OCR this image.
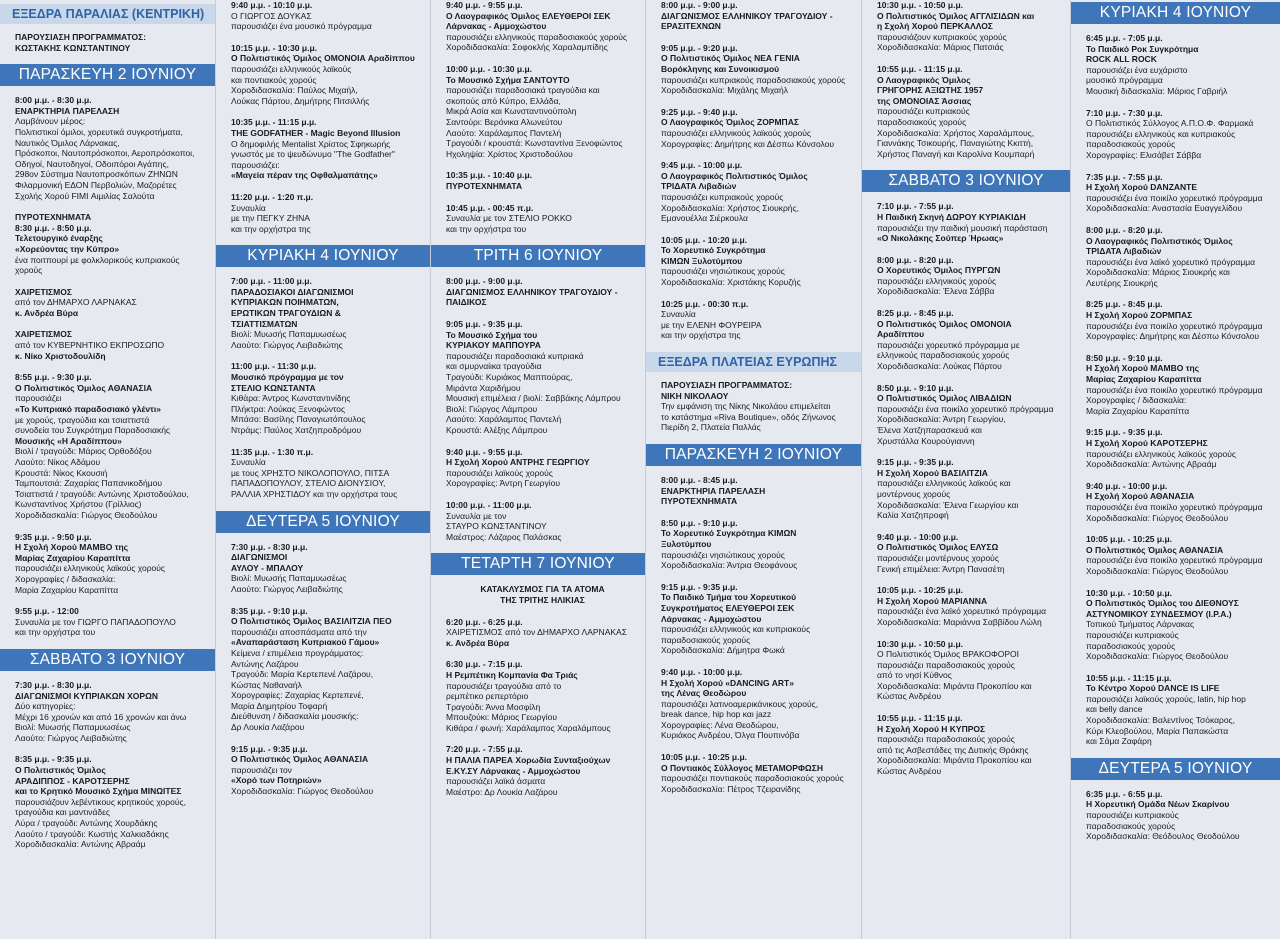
ΕΞΕΔΡΑ ΠΑΡΑΛΙΑΣ (ΚΕΝΤΡΙΚΗ)
ΠΑΡΟΥΣΙΑΣΗ ΠΡΟΓΡΑΜΜΑΤΟΣ:
ΚΩΣΤΑΚΗΣ ΚΩΝΣΤΑΝΤΙΝΟΥ
ΠΑΡΑΣΚΕΥΗ 2 ΙΟΥΝΙΟΥ
8:00 μ.μ. - 8:30 μ.μ.
ΕΝΑΡΚΤΗΡΙΑ ΠΑΡΕΛΑΣΗ
Λαμβάνουν μέρος:
Πολιτιστικοί όμιλοι, χορευτικά συγκροτήματα,
Ναυτικός Όμιλος Λάρνακας,
Πρόσκοποι, Ναυτοπρόσκοποι, Αεροπρόσκοποι,
Οδηγοί, Ναυτοδηγοί, Οδοιπόροι Αγάπης,
298ον Σύστημα Ναυτοπροσκόπων ΖΗΝΩΝ
Φιλαρμονική ΕΔΟΝ Περβολιών, Μαζορέτες
Σχολής Χορού FIMI Αιμιλίας Σαλούτα
ΠΥΡΟΤΕΧΝΗΜΑΤΑ
8:30 μ.μ. - 8:50 μ.μ.
Τελετουργικό έναρξης
«Χορεύοντας την Κύπρο»
ένα ποιτπουρί με φολκλορικούς κυπριακούς
χορούς
ΧΑΙΡΕΤΙΣΜΟΣ
από τον ΔΗΜΑΡΧΟ ΛΑΡΝΑΚΑΣ
κ. Ανδρέα Βύρα
ΧΑΙΡΕΤΙΣΜΟΣ
από τον ΚΥΒΕΡΝΗΤΙΚΟ ΕΚΠΡΟΣΩΠΟ
κ. Νίκο Χριστοδουλίδη
8:55 μ.μ. - 9:30 μ.μ.
Ο Πολιτιστικός Όμιλος ΑΘΑΝΑΣΙΑ
παρουσιάζει
«Το Κυπριακό παραδοσιακό γλέντι»
με χορούς, τραγούδια και τσιαττιστά
συνοδεία του Συγκρότημα Παραδοσιακής
Μουσικής «Η Αραδίππου»
Βιολί / τραγούδι: Μάριος Ορθοδόξου
Λαούτο: Νίκος Αδάμου
Κρουστά: Νίκος Κκουσιή
Ταμπουτσιά: Ζαχαρίας Παπανικοδήμου
Τσιαττιστά / τραγούδι: Αντώνης Χριστοδούλου,
Κωνσταντίνος Χρήστου (Γρίλλιος)
Χοροδιδασκαλία: Γιώργος Θεοδούλου
9:35 μ.μ. - 9:50 μ.μ.
Η Σχολή Χορού ΜΑΜΒΟ της
Μαρίας Ζαχαρίου Καραπίττα
παρουσιάζει ελληνικούς λαϊκούς χορούς
Χορογραφίες / διδασκαλία:
Μαρία Ζαχαρίου Καραπίττα
9:55 μ.μ. - 12:00
Συναυλία με τον ΓΙΩΡΓΟ ΠΑΠΑΔΟΠΟΥΛΟ
και την ορχήστρα του
ΣΑΒΒΑΤΟ 3 ΙΟΥΝΙΟΥ
7:30 μ.μ. - 8:30 μ.μ.
ΔΙΑΓΩΝΙΣΜΟΙ ΚΥΠΡΙΑΚΩΝ ΧΟΡΩΝ
Δύο κατηγορίες:
Μέχρι 16 χρονών και από 16 χρονών και άνω
Βιολί: Μυωσής Παπαμυωσέως
Λαούτο: Γιώργος Λειβαδιώτης
8:35 μ.μ. - 9:35 μ.μ.
Ο Πολιτιστικός Όμιλος
ΑΡΑΔΙΠΠΟΣ - ΚΑΡΟΤΣΕΡΗΣ
και το Κρητικό Μουσικό Σχήμα ΜΙΝΩΙΤΕΣ
παρουσιάζουν λεβέντικους κρητικούς χορούς,
τραγούδια και μαντινάδες
Λύρα / τραγούδι: Αντώνης Χουρδάκης
Λαούτο / τραγούδι: Κωστής Χαλκιαδάκης
Χοροδιδασκαλία: Αντώνης Αβραάμ
9:40 μ.μ. - 10:10 μ.μ.
Ο ΓΙΩΡΓΟΣ ΔΟΥΚΑΣ
παρουσιάζει ένα μουσικό πρόγραμμα
10:15 μ.μ. - 10:30 μ.μ.
Ο Πολιτιστικός Όμιλος ΟΜΟΝΟΙΑ Αραδίππου
παρουσιάζει ελληνικούς λαϊκούς
και ποντιακούς χορούς
Χοροδιδασκαλία: Παύλος Μιχαήλ,
Λούκας Πάρτου, Δημήτρης Πιτσιλλής
10:35 μ.μ. - 11:15 μ.μ.
THE GODFATHER - Magic Beyond Illusion
Ο δημοφιλής Mentalist Χρίστος Σφηκωρής
γνωστός με το ψευδώνυμο "The Godfather"
παρουσιάζει:
«Μαγεία πέραν της Οφθαλμαπάτης»
11:20 μ.μ. - 1:20 π.μ.
Συναυλία
με την ΠΕΓΚΥ ΖΗΝΑ
και την ορχήστρα της
ΚΥΡΙΑΚΗ 4 ΙΟΥΝΙΟΥ
7:00 μ.μ. - 11:00 μ.μ.
ΠΑΡΑΔΟΣΙΑΚΟΙ ΔΙΑΓΩΝΙΣΜΟΙ
ΚΥΠΡΙΑΚΩΝ ΠΟΙΗΜΑΤΩΝ,
ΕΡΩΤΙΚΩΝ ΤΡΑΓΟΥΔΙΩΝ &
ΤΣΙΑΤΤΙΣΜΑΤΩΝ
Βιολί: Μυωσής Παπαμυωσέως
Λαούτο: Γιώργος Λειβαδιώτης
11:00 μ.μ. - 11:30 μ.μ.
Μουσικό πρόγραμμα με τον
ΣΤΕΛΙΟ ΚΩΝΣΤΑΝΤΑ
Κιθάρα: Άντρος Κωνσταντινίδης
Πλήκτρα: Λούκας Ξενοφώντος
Μπάσο: Βασίλης Παναγιωτόπουλος
Ντράμς: Παύλος Χατζηπροδρόμου
11:35 μ.μ. - 1:30 π.μ.
Συναυλία
με τους ΧΡΗΣΤΟ ΝΙΚΟΛΟΠΟΥΛΟ, ΠΙΤΣΑ
ΠΑΠΑΔΟΠΟΥΛΟΥ, ΣΤΕΛΙΟ ΔΙΟΝΥΣΙΟΥ,
ΡΑΛΛΙΑ ΧΡΗΣΤΙΔΟΥ και την ορχήστρα τους
ΔΕΥΤΕΡΑ 5 ΙΟΥΝΙΟΥ
7:30 μ.μ. - 8:30 μ.μ.
ΔΙΑΓΩΝΙΣΜΟΙ
ΑΥΛΟΥ - ΜΠΑΛΟΥ
Βιολί: Μυωσής Παπαμυωσέως
Λαούτο: Γιώργος Λειβαδιώτης
8:35 μ.μ. - 9:10 μ.μ.
Ο Πολιτιστικός Όμιλος ΒΑΣΙΛΙΤΖΙΑ ΠΕΟ
παρουσιάζει αποσπάσματα από την
«Αναπαράσταση Κυπριακού Γάμου»
Κείμενα / επιμέλεια προγράμματος:
Αντώνης Λαζάρου
Τραγούδι: Μαρία Κερτεπενέ Λαζάρου,
Κώστας Ναθαναήλ
Χορογραφίες: Ζαχαρίας Κερτεπενέ,
Μαρία Δημητρίου Τοφαρή
Διεύθυνση / διδασκαλία μουσικής:
Δρ Λουκία Λαζάρου
9:15 μ.μ. - 9:35 μ.μ.
Ο Πολιτιστικός Όμιλος ΑΘΑΝΑΣΙΑ
παρουσιάζει τον
«Χορό των Ποτηριών»
Χοροδιδασκαλία: Γιώργος Θεοδούλου
9:40 μ.μ. - 9:55 μ.μ.
Ο Λαογραφικός Όμιλος ΕΛΕΥΘΕΡΟΙ ΣΕΚ
Λάρνακας - Αμμοχώστου
παρουσιάζει ελληνικούς παραδοσιακούς χορούς
Χοροδιδασκαλία: Σοφοκλής Χαραλαμπίδης
10:00 μ.μ. - 10:30 μ.μ.
Το Μουσικό Σχήμα ΣΑΝΤΟΥΤΟ
παρουσιάζει παραδοσιακά τραγούδια και
σκοπούς από Κύπρο, Ελλάδα,
Μικρά Ασία και Κωνσταντινούπολη
Σαντούρι: Βερόνικα Αλωνεύτου
Λαούτο: Χαράλαμπος Παντελή
Τραγούδι / κρουστά: Κωνσταντίνα Ξενοφώντος
Ηχοληψία: Χρίστος Χριστοδούλου
10:35 μ.μ. - 10:40 μ.μ.
ΠΥΡΟΤΕΧΝΗΜΑΤΑ
10:45 μ.μ. - 00:45 π.μ.
Συναυλία με τον ΣΤΕΛΙΟ ΡΟΚΚΟ
και την ορχήστρα του
ΤΡΙΤΗ 6 ΙΟΥΝΙΟΥ
8:00 μ.μ. - 9:00 μ.μ.
ΔΙΑΓΩΝΙΣΜΟΣ ΕΛΛΗΝΙΚΟΥ ΤΡΑΓΟΥΔΙΟΥ -
ΠΑΙΔΙΚΟΣ
9:05 μ.μ. - 9:35 μ.μ.
Το Μουσικό Σχήμα του
ΚΥΡΙΑΚΟΥ ΜΑΠΠΟΥΡΑ
παρουσιάζει παραδοσιακά κυπριακά
και σμυρναίικα τραγούδια
Τραγούδι: Κυριάκος Μαππούρας,
Μιράντα Χαριδήμου
Μουσική επιμέλεια / βιολί: Σαββάκης Λάμπρου
Βιολί: Γιώργος Λάμπρου
Λαούτο: Χαράλαμπος Παντελή
Κρουστά: Αλέξης Λάμπρου
9:40 μ.μ. - 9:55 μ.μ.
Η Σχολή Χορού ΑΝΤΡΗΣ ΓΕΩΡΓΙΟΥ
παρουσιάζει λαϊκούς χορούς
Χορογραφίες: Άντρη Γεωργίου
10:00 μ.μ. - 11:00 μ.μ.
Συναυλία με τον
ΣΤΑΥΡΟ ΚΩΝΣΤΑΝΤΙΝΟΥ
Μαέστρος: Λάζαρος Παλάσκας
ΤΕΤΑΡΤΗ 7 ΙΟΥΝΙΟΥ
ΚΑΤΑΚΛΥΣΜΟΣ ΓΙΑ ΤΑ ΑΤΟΜΑ
ΤΗΣ ΤΡΙΤΗΣ ΗΛΙΚΙΑΣ
6:20 μ.μ. - 6:25 μ.μ.
ΧΑΙΡΕΤΙΣΜΟΣ από τον ΔΗΜΑΡΧΟ ΛΑΡΝΑΚΑΣ
κ. Ανδρέα Βύρα
6:30 μ.μ. - 7:15 μ.μ.
Η Ρεμπέτικη Κομπανία Φα Τριάς
παρουσιάζει τραγούδια από το
ρεμπέτικο ρεπερτόριο
Τραγούδι: Άννα Μοσφίλη
Μπουζούκι: Μάριος Γεωργίου
Κιθάρα / φωνή: Χαράλαμπος Χαραλάμπους
7:20 μ.μ. - 7:55 μ.μ.
Η ΠΑΛΙΑ ΠΑΡΕΑ Χορωδία Συνταξιούχων
Ε.ΚΥ.ΣΥ Λάρνακας - Αμμοχώστου
παρουσιάζει λαϊκά άσματα
Μαέστρο: Δρ Λουκία Λαζάρου
8:00 μ.μ. - 9:00 μ.μ.
ΔΙΑΓΩΝΙΣΜΟΣ ΕΛΛΗΝΙΚΟΥ ΤΡΑΓΟΥΔΙΟΥ -
ΕΡΑΣΙΤΕΧΝΩΝ
9:05 μ.μ. - 9:20 μ.μ.
Ο Πολιτιστικός Όμιλος ΝΕΑ ΓΕΝΙΑ
Βορόκληνης και Συνοικισμού
παρουσιάζει κυπριακούς παραδοσιακούς χορούς
Χοροδιδασκαλία: Μιχάλης Μιχαήλ
9:25 μ.μ. - 9:40 μ.μ.
Ο Λαογραφικός Όμιλος ΖΟΡΜΠΑΣ
παρουσιάζει ελληνικούς λαϊκούς χορούς
Χορογραφίες: Δημήτρης και Δέσπω Κόνσολου
9:45 μ.μ. - 10:00 μ.μ.
Ο Λαογραφικός Πολιτιστικός Όμιλος
ΤΡΙΔΑΤΑ Λιβαδιών
παρουσιάζει κυπριακούς χορούς
Χοροδιδασκαλία: Χρήστος Σιουκρής,
Εμανουέλλα Σιέρκουλα
10:05 μ.μ. - 10:20 μ.μ.
Το Χορευτικό Συγκρότημα
ΚΙΜΩΝ Ξυλοτύμπου
παρουσιάζει νησιώτικους χορούς
Χοροδιδασκαλία: Χριστάκης Κορυζής
10:25 μ.μ. - 00:30 π.μ.
Συναυλία
με την ΕΛΕΝΗ ΦΟΥΡΕΙΡΑ
και την ορχήστρα της
ΕΞΕΔΡΑ ΠΛΑΤΕΙΑΣ ΕΥΡΩΠΗΣ
ΠΑΡΟΥΣΙΑΣΗ ΠΡΟΓΡΑΜΜΑΤΟΣ:
ΝΙΚΗ ΝΙΚΟΛΑΟΥ
Την εμφάνιση της Νίκης Νικολάου επιμελείται
το κατάστημα «Riva Boutique», οδός Ζήνωνος
Πιερίδη 2, Πλατεία Παλλάς
ΠΑΡΑΣΚΕΥΗ 2 ΙΟΥΝΙΟΥ
8:00 μ.μ. - 8:45 μ.μ.
ΕΝΑΡΚΤΗΡΙΑ ΠΑΡΕΛΑΣΗ
ΠΥΡΟΤΕΧΝΗΜΑΤΑ
8:50 μ.μ. - 9:10 μ.μ.
Το Χορευτικό Συγκρότημα ΚΙΜΩΝ
Ξυλοτύμπου
παρουσιάζει νησιώτικους χορούς
Χοροδιδασκαλία: Άντρια Θεοφάνους
9:15 μ.μ. - 9:35 μ.μ.
Το Παιδικό Τμήμα του Χορευτικού
Συγκροτήματος ΕΛΕΥΘΕΡΟΙ ΣΕΚ
Λάρνακας - Αμμοχώστου
παρουσιάζει ελληνικούς και κυπριακούς
παραδοσιακούς χορούς
Χοροδιδασκαλία: Δήμητρα Φωκά
9:40 μ.μ. - 10:00 μ.μ.
Η Σχολή Χορού «DANCING ART»
της Λένας Θεοδώρου
παρουσιάζει λατινοαμερικάνικους χορούς,
break dance, hip hop και jazz
Χορογραφίες: Λένα Θεοδώρου,
Κυριάκος Ανδρέου, Όλγα Πουπινόβα
10:05 μ.μ. - 10:25 μ.μ.
Ο Ποντιακός Σύλλογος ΜΕΤΑΜΟΡΦΩΣΗ
παρουσιάζει ποντιακούς παραδοσιακούς χορούς
Χοροδιδασκαλία: Πέτρος Τζειρανίδης
10:30 μ.μ. - 10:50 μ.μ.
Ο Πολιτιστικός Όμιλος ΑΓΓΛΙΣΙΔΩΝ και
η Σχολή Χορού ΠΕΡΚΑΛΛΟΣ
παρουσιάζουν κυπριακούς χορούς
Χοροδιδασκαλία: Μάριος Πατσιάς
10:55 μ.μ. - 11:15 μ.μ.
Ο Λαογραφικός Όμιλος
ΓΡΗΓΟΡΗΣ ΑΞΙΩΤΗΣ 1957
της ΟΜΟΝΟΙΑΣ Άσσιας
παρουσιάζει κυπριακούς
παραδοσιακούς χορούς
Χοροδιδασκαλία: Χρήστος Χαραλάμπους,
Γιαννάκης Τσικουρής, Παναγιώτης Κκιττή,
Χρήστος Παναγή και Καρολίνα Κουμπαρή
ΣΑΒΒΑΤΟ 3 ΙΟΥΝΙΟΥ
7:10 μ.μ. - 7:55 μ.μ.
Η Παιδική Σκηνή ΔΩΡΟΥ ΚΥΡΙΑΚΙΔΗ
παρουσιάζει την παιδική μουσική παράσταση
«Ο Νικολάκης Σούπερ Ήρωας»
8:00 μ.μ. - 8:20 μ.μ.
Ο Χορευτικός Όμιλος ΠΥΡΓΩΝ
παρουσιάζει ελληνικούς χορούς
Χοροδιδασκαλία: Έλενα Σάββα
8:25 μ.μ. - 8:45 μ.μ.
Ο Πολιτιστικός Όμιλος ΟΜΟΝΟΙΑ
Αραδίππου
παρουσιάζει χορευτικό πρόγραμμα με
ελληνικούς παραδοσιακούς χορούς
Χοροδιδασκαλία: Λούκας Πάρτου
8:50 μ.μ. - 9:10 μ.μ.
Ο Πολιτιστικός Όμιλος ΛΙΒΑΔΙΩΝ
παρουσιάζει ένα ποικίλο χορευτικό πρόγραμμα
Χοροδιδασκαλία: Άντρη Γεωργίου,
Έλενα Χατζηπαρασκευά και
Χρυστάλλα Κουρούγιαννη
9:15 μ.μ. - 9:35 μ.μ.
Η Σχολή Χορού ΒΑΣΙΛΙΤΖΙΑ
παρουσιάζει ελληνικούς λαϊκούς και
μοντέρνους χορούς
Χοροδιδασκαλία: Έλενα Γεωργίου και
Καλία Χατζηπροφή
9:40 μ.μ. - 10:00 μ.μ.
Ο Πολιτιστικός Όμιλος ΕΛΥΣΩ
παρουσιάζει μοντέρνους χορούς
Γενική επιμέλεια: Άντρη Πανασέτη
10:05 μ.μ. - 10:25 μ.μ.
Η Σχολή Χορού ΜΑΡΙΑΝΝΑ
παρουσιάζει ένα λαϊκό χορευτικό πρόγραμμα
Χοροδιδασκαλία: Μαριάννα Σαββίδου Λώλη
10:30 μ.μ. - 10:50 μ.μ.
Ο Πολιτιστικός Όμιλος ΒΡΑΚΟΦΟΡΟΙ
παρουσιάζει παραδοσιακούς χορούς
από το νησί Κύθνος
Χοροδιδασκαλία: Μιράντα Προκοπίου και
Κώστας Ανδρέου
10:55 μ.μ. - 11:15 μ.μ.
Η Σχολή Χορού Η ΚΥΠΡΟΣ
παρουσιάζει παραδοσιακούς χορούς
από τις Ασβεστάδες της Δυτικής Θράκης
Χοροδιδασκαλία: Μιράντα Προκοπίου και
Κώστας Ανδρέου
ΚΥΡΙΑΚΗ 4 ΙΟΥΝΙΟΥ
6:45 μ.μ. - 7:05 μ.μ.
Το Παιδικό Ροκ Συγκρότημα
ROCK ALL ROCK
παρουσιάζει ένα ευχάριστο
μουσικό πρόγραμμα
Μουσική διδασκαλία: Μάριος Γαβριήλ
7:10 μ.μ. - 7:30 μ.μ.
Ο Πολιτιστικός Σύλλογος Α.Π.Ο.Φ. Φαρμακά
παρουσιάζει ελληνικούς και κυπριακούς
παραδοσιακούς χορούς
Χορογραφίες: Ελισάβετ Σάββα
7:35 μ.μ. - 7:55 μ.μ.
Η Σχολή Χορού DANZANTE
παρουσιάζει ένα ποικίλο χορευτικό πρόγραμμα
Χοροδιδασκαλία: Αναστασία Ευαγγελίδου
8:00 μ.μ. - 8:20 μ.μ.
Ο Λαογραφικός Πολιτιστικός Όμιλος
ΤΡΙΔΑΤΑ Λιβαδιών
παρουσιάζει ένα λαϊκό χορευτικό πρόγραμμα
Χοροδιδασκαλία: Μάριος Σιουκρής και
Λευτέρης Σιουκρής
8:25 μ.μ. - 8:45 μ.μ.
Η Σχολή Χορού ΖΟΡΜΠΑΣ
παρουσιάζει ένα ποικίλο χορευτικό πρόγραμμα
Χορογραφίες: Δημήτρης και Δέσπω Κόνσολου
8:50 μ.μ. - 9:10 μ.μ.
Η Σχολή Χορού ΜΑΜΒΟ της
Μαρίας Ζαχαρίου Καραπίττα
παρουσιάζει ένα ποικίλο χορευτικό πρόγραμμα
Χορογραφίες / διδασκαλία:
Μαρία Ζαχαρίου Καραπίττα
9:15 μ.μ. - 9:35 μ.μ.
Η Σχολή Χορού ΚΑΡΟΤΣΕΡΗΣ
παρουσιάζει ελληνικούς λαϊκούς χορούς
Χοροδιδασκαλία: Αντώνης Αβραάμ
9:40 μ.μ. - 10:00 μ.μ.
Η Σχολή Χορού ΑΘΑΝΑΣΙΑ
παρουσιάζει ένα ποικίλο χορευτικό πρόγραμμα
Χοροδιδασκαλία: Γιώργος Θεοδούλου
10:05 μ.μ. - 10:25 μ.μ.
Ο Πολιτιστικός Όμιλος ΑΘΑΝΑΣΙΑ
παρουσιάζει ένα ποικίλο χορευτικό πρόγραμμα
Χοροδιδασκαλία: Γιώργος Θεοδούλου
10:30 μ.μ. - 10:50 μ.μ.
Ο Πολιτιστικός Όμιλος του ΔΙΕΘΝΟΥΣ
ΑΣΤΥΝΟΜΙΚΟΥ ΣΥΝΔΕΣΜΟΥ (I.P.A.)
Τοπικού Τμήματος Λάρνακας
παρουσιάζει κυπριακούς
παραδοσιακούς χορούς
Χοροδιδασκαλία: Γιώργος Θεοδούλου
10:55 μ.μ. - 11:15 μ.μ.
Το Κέντρο Χορού DANCE IS LIFE
παρουσιάζει λαϊκούς χορούς, latin, hip hop
και belly dance
Χοροδιδασκαλία: Βαλεντίνος Τσόκαρος,
Κύρι Κλεοβούλου, Μαρία Παπακώστα
και Σάμα Ζαφάρη
ΔΕΥΤΕΡΑ 5 ΙΟΥΝΙΟΥ
6:35 μ.μ. - 6:55 μ.μ.
Η Χορευτική Ομάδα Νέων Σκαρίνου
παρουσιάζει κυπριακούς
παραδοσιακούς χορούς
Χοροδιδασκαλία: Θεόδουλος Θεοδούλου
